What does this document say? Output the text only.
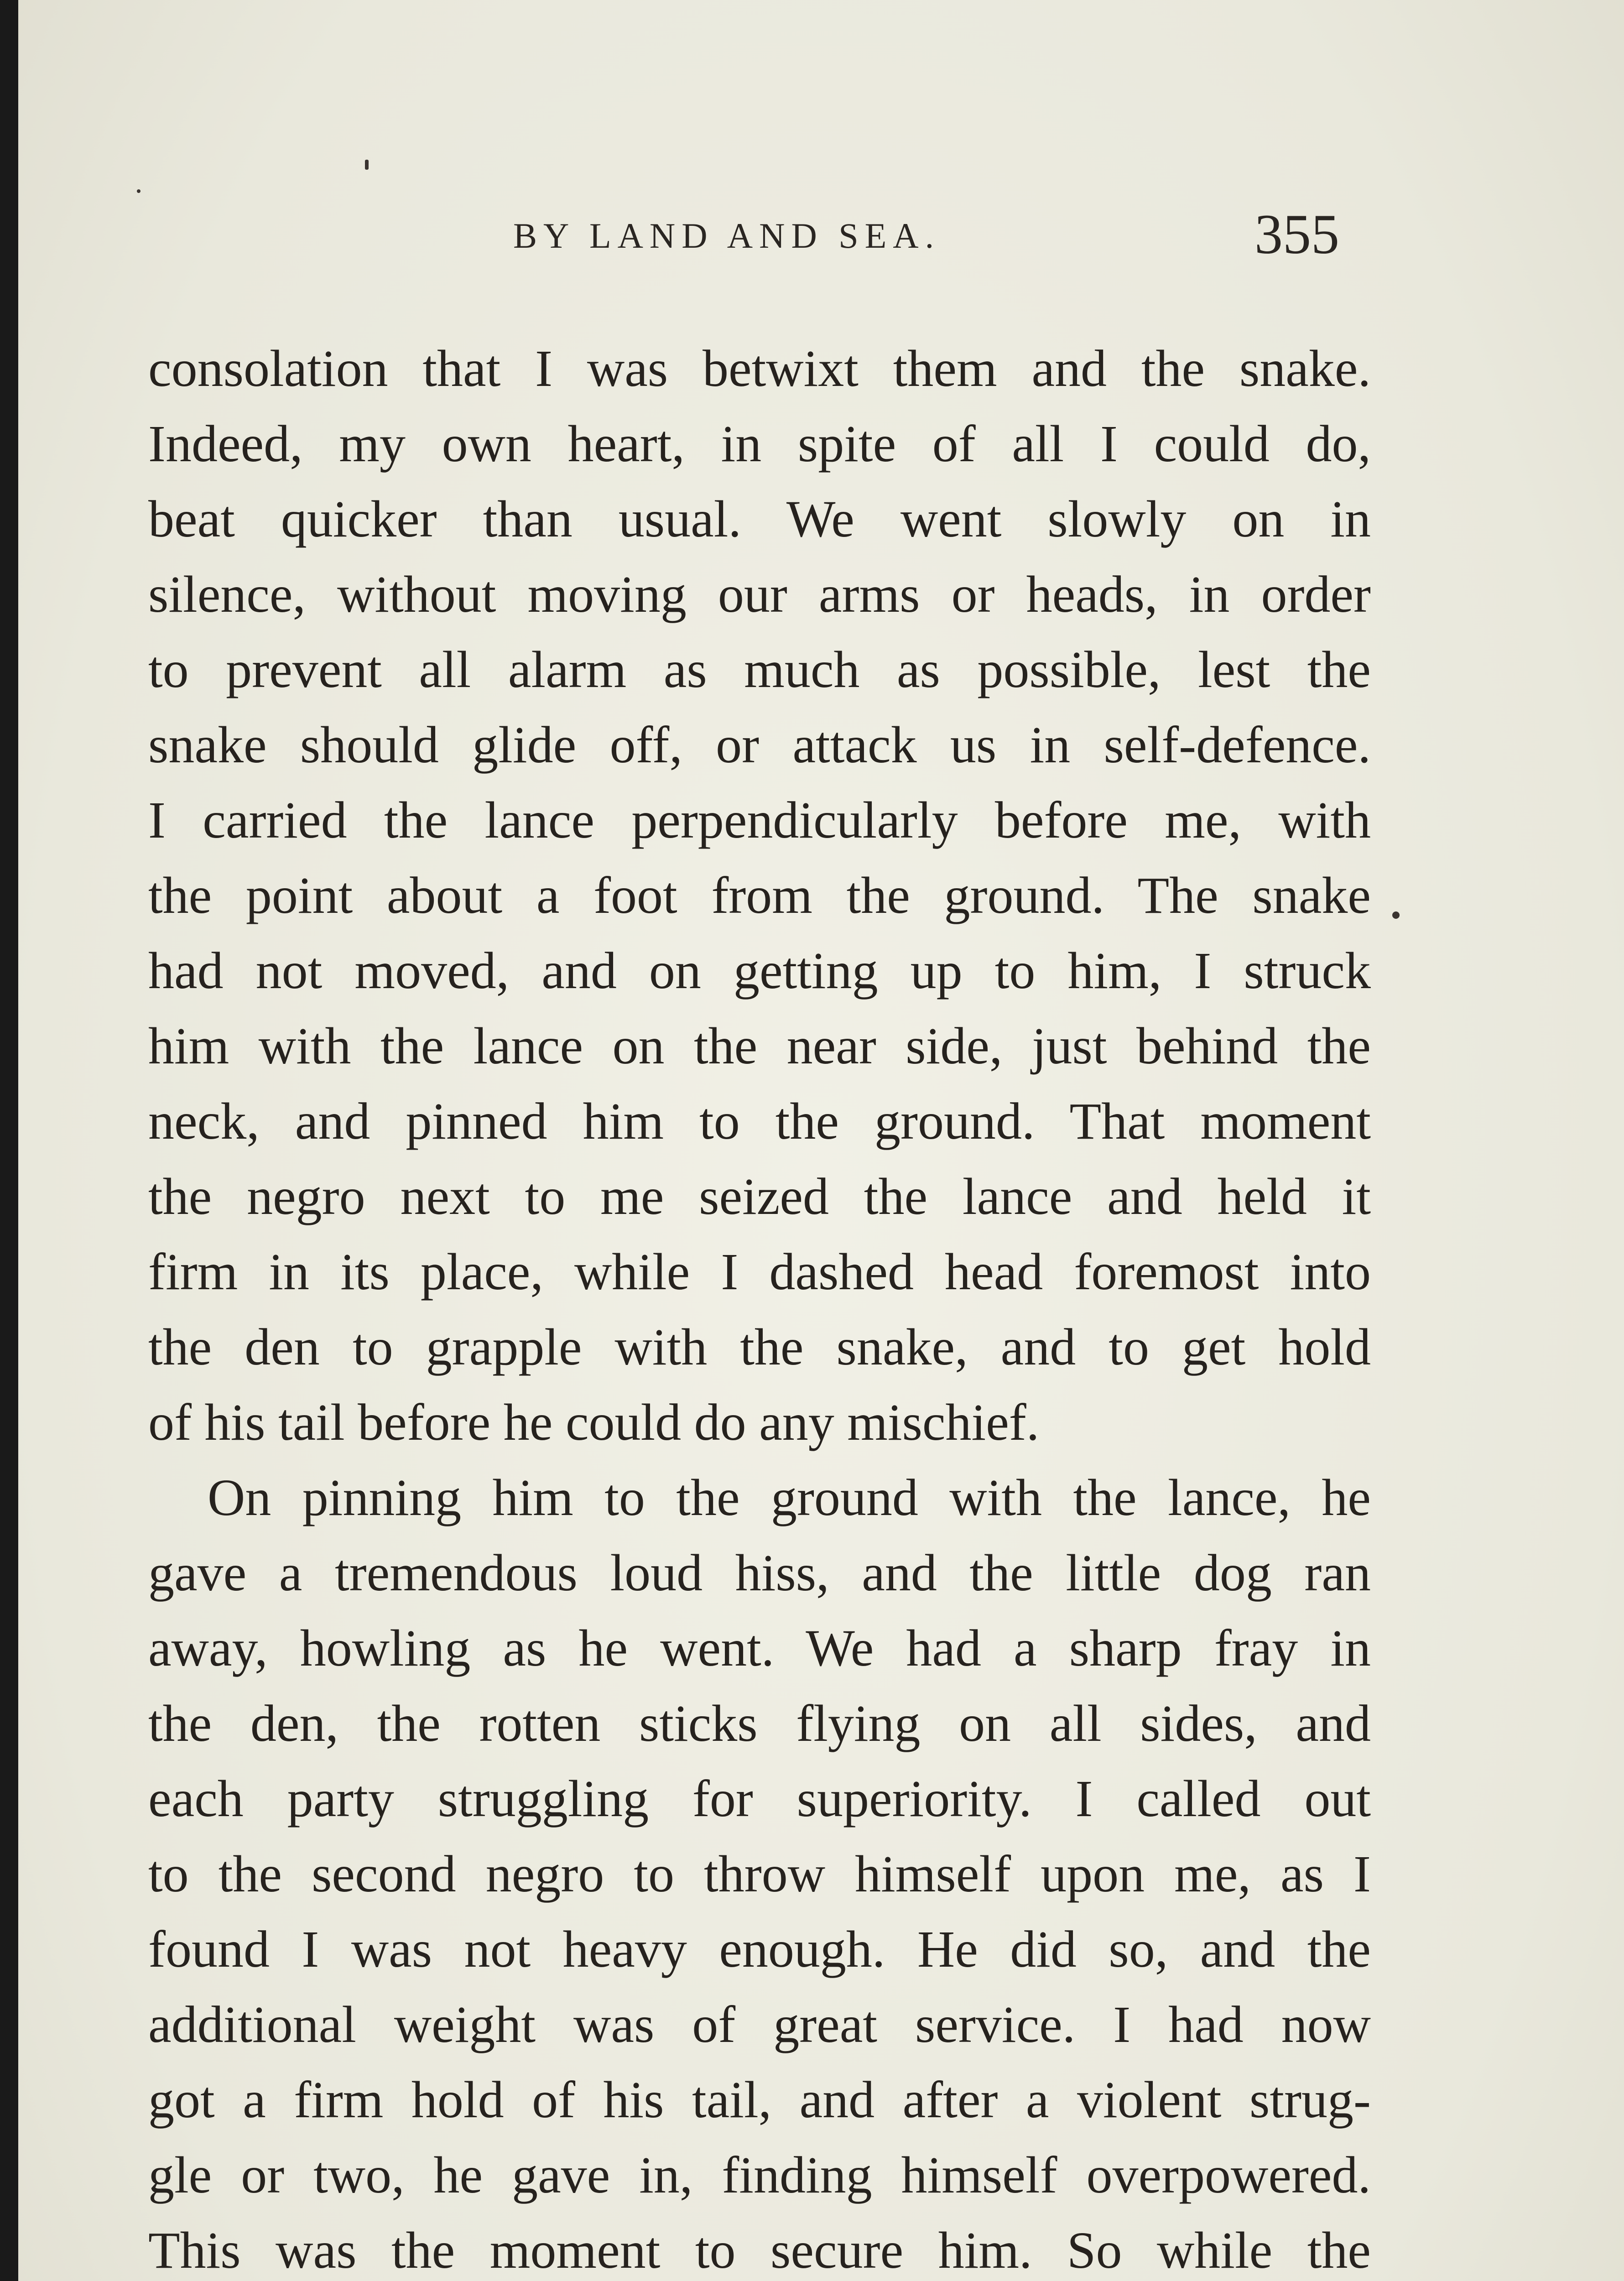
BY LAND AND SEA.	355
consolation that I was betwixt them and the snake.
Indeed, my own heart, in spite of all I could do,
beat quicker than usual. We went slowly on in
silence, without moving our arms or heads, in order
to prevent all alarm as much as possible, lest the
snake should glide off, or attack us in self-defence.
I carried the lance perpendicularly before me, with
the point about a foot from the ground. The snake
had not moved, and on getting up to him, I struck
him with the lance on the near side, just behind the
neck, and pinned him to the ground. That moment
the negro next to me seized the lance and held it
firm in its place, while I dashed head foremost into
the den to grapple with the snake, and to get hold
of his tail before he could do any mischief.
On pinning him to the ground with the lance, he
gave a tremendous loud hiss, and the little dog ran
away, howling as he went. We had a sharp fray in
the den, the rotten sticks flying on all sides, and
each party struggling for superiority. I called out
to the second negro to throw himself upon me, as I
found I was not heavy enough. He did so, and the
additional weight was of great service. I had now
got a firm hold of his tail, and after a violent strug-
gle or two, he gave in, finding himself overpowered.
This was the moment to secure him. So while the
